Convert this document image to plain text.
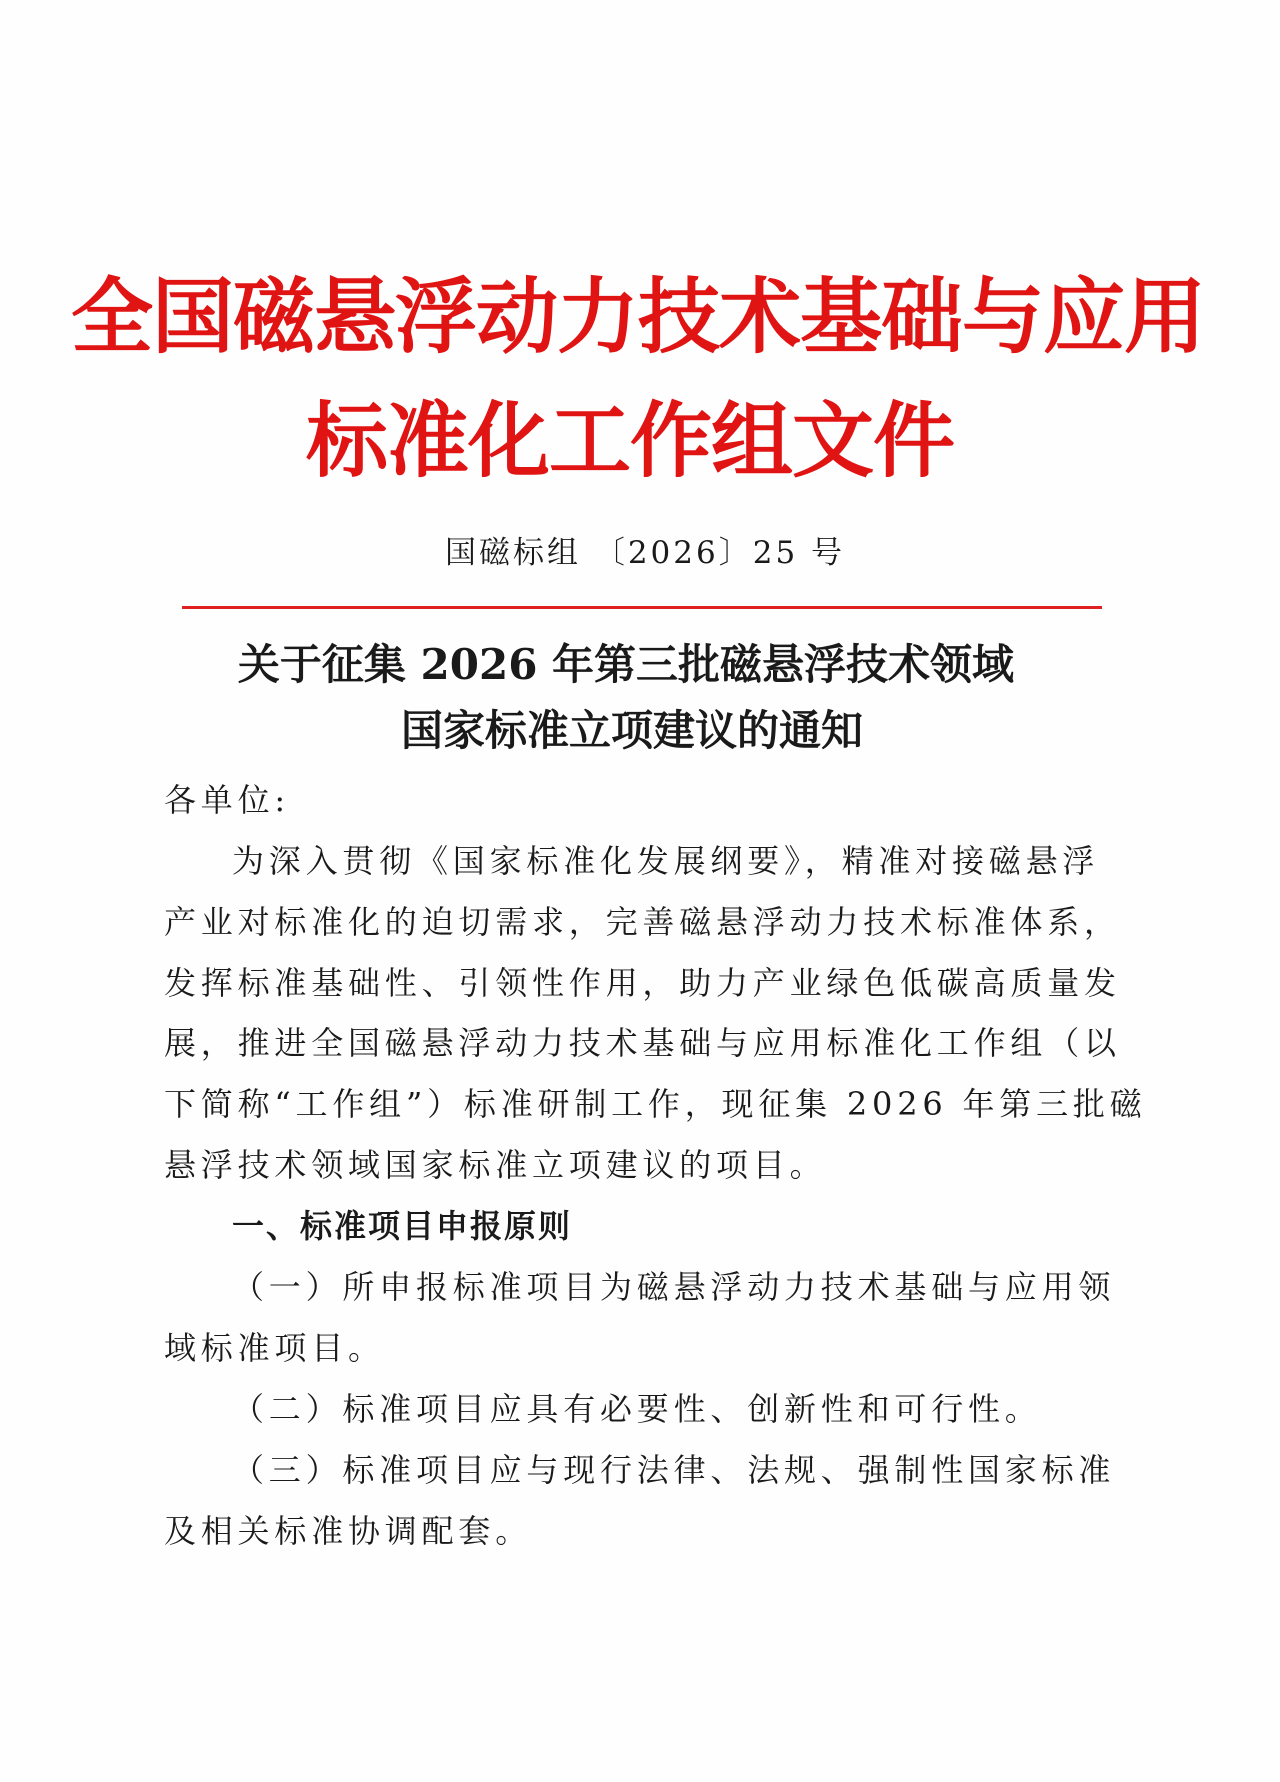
全国磁悬浮动力技术基础与应用
标准化工作组文件
国磁标组 〔2026〕25 号
关于征集 2026 年第三批磁悬浮技术领域
国家标准立项建议的通知
各单位:
为深入贯彻《国家标准化发展纲要》，精准对接磁悬浮
产业对标准化的迫切需求，完善磁悬浮动力技术标准体系，
发挥标准基础性、引领性作用，助力产业绿色低碳高质量发
展，推进全国磁悬浮动力技术基础与应用标准化工作组（以
下简称“工作组”）标准研制工作，现征集 2026 年第三批磁
悬浮技术领域国家标准立项建议的项目。
一、标准项目申报原则
（一）所申报标准项目为磁悬浮动力技术基础与应用领
域标准项目。
（二）标准项目应具有必要性、创新性和可行性。
（三）标准项目应与现行法律、法规、强制性国家标准
及相关标准协调配套。
